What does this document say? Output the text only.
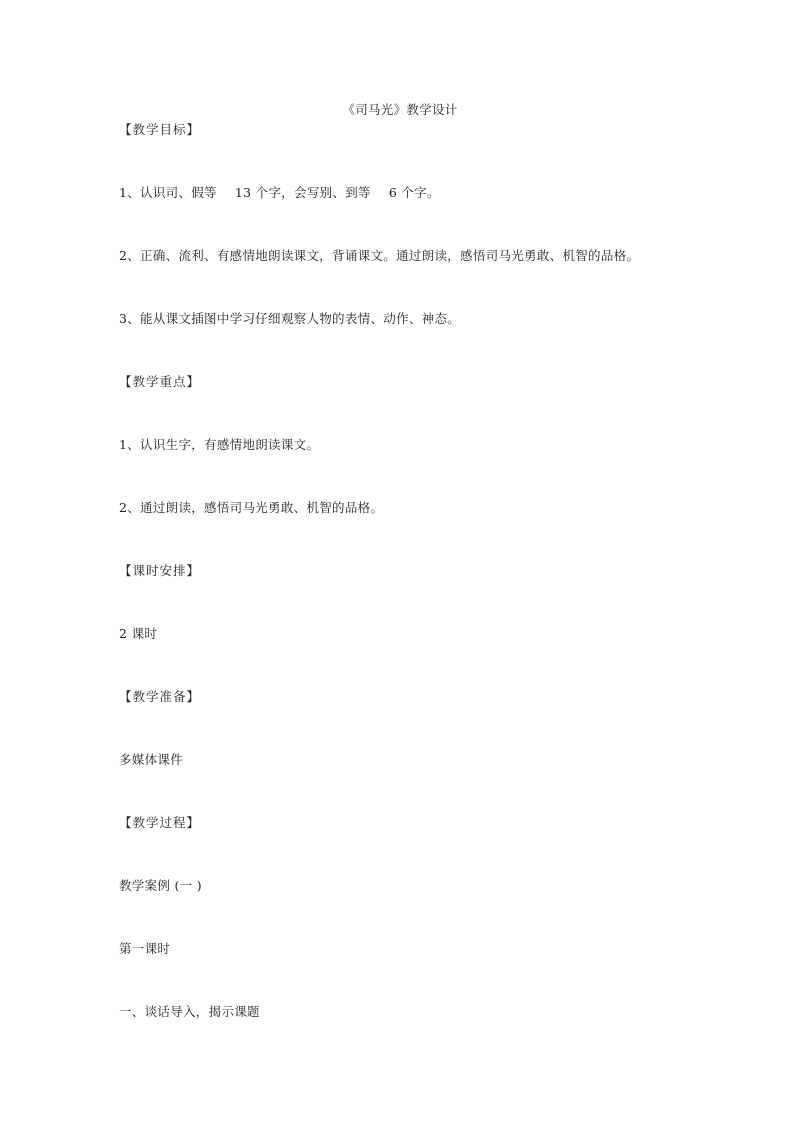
《司马光》教学设计
【教学目标】
1、认识司、假等 13 个字，会写别、到等 6 个字。
2、正确、流利、有感情地朗读课文，背诵课文。通过朗读，感悟司马光勇敢、机智的品格。
3、能从课文插图中学习仔细观察人物的表情、动作、神态。
【教学重点】
1、认识生字，有感情地朗读课文。
2、通过朗读，感悟司马光勇敢、机智的品格。
【课时安排】
2 课时
【教学准备】
多媒体课件
【教学过程】
教学案例 (一 )
第一课时
一、谈话导入，揭示课题
